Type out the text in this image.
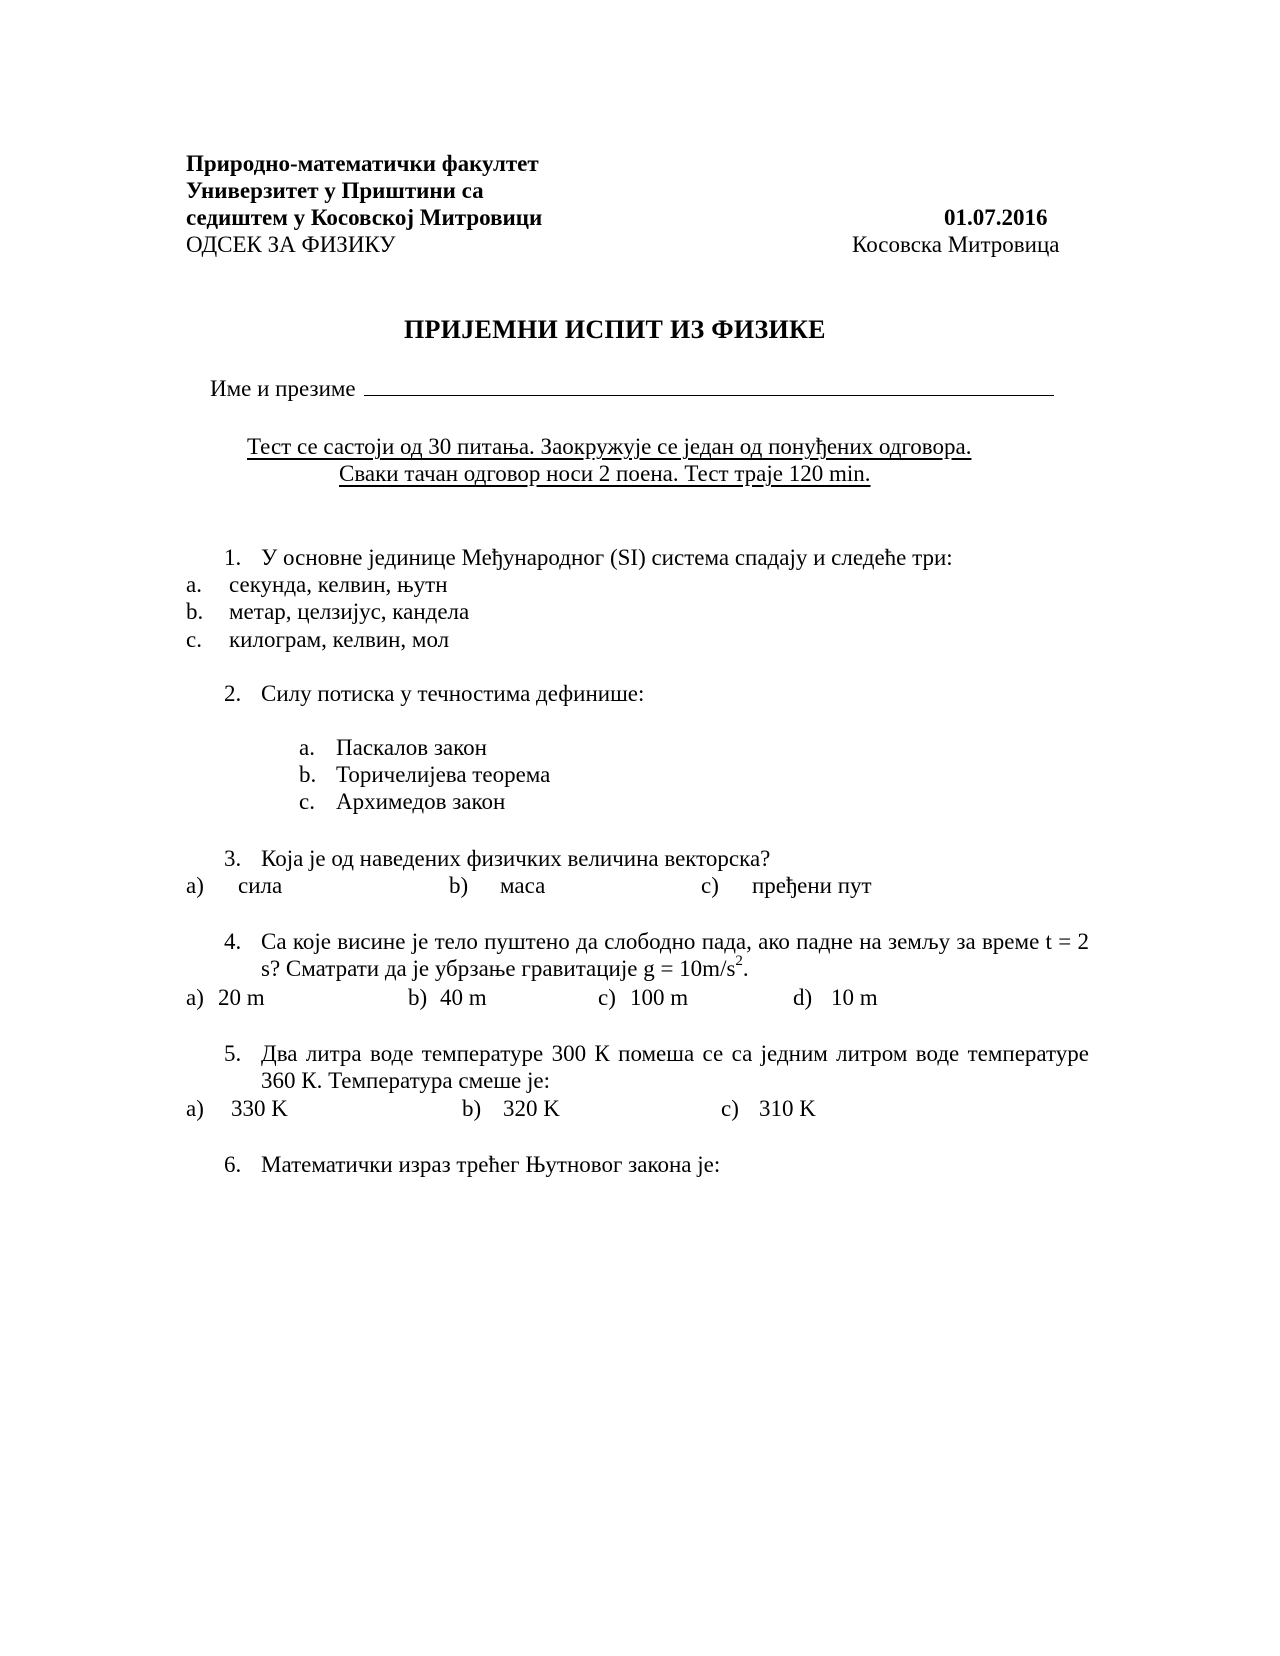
Природно-математички факултет
Универзитет у Приштини са
седиштем у Косовској Митровици	01.07.2016
ОДСЕК ЗА ФИЗИКУ	Косовска Митровица
ПРИЈЕМНИ ИСПИТ ИЗ ФИЗИКЕ
Име и презиме
Тест се састоји од 30 питања. Заокружује се један од понуђених одговора.
Сваки тачан одговор носи 2 поена. Тест траје 120 min.
1. У основне јединице Међународног (SI) система спадају и следеће три:
a. секунда, келвин, њутн
b. метар, целзијус, кандела
c. килограм, келвин, мол
2. Силу потиска у течностима дефинише:
a. Паскалов закон
b. Торичелијева теорема
c. Архимедов закон
3. Која је од наведених физичких величина векторска?
a) сила	b) маса	c) пређени пут
4. Са које висине је тело пуштено да слободно пада, ако падне на земљу за време t = 2 s? Сматрати да је убрзање гравитације $g = 10m/s^2$.
a) 20 m	b) 40 m	c) 100 m	d) 10 m
5. Два литра воде температуре 300 К помеша се са једним литром воде температуре 360 К. Температура смеше је:
a) 330 K	b) 320 K	c) 310 K
6. Математички израз трећег Њутновог закона је:
